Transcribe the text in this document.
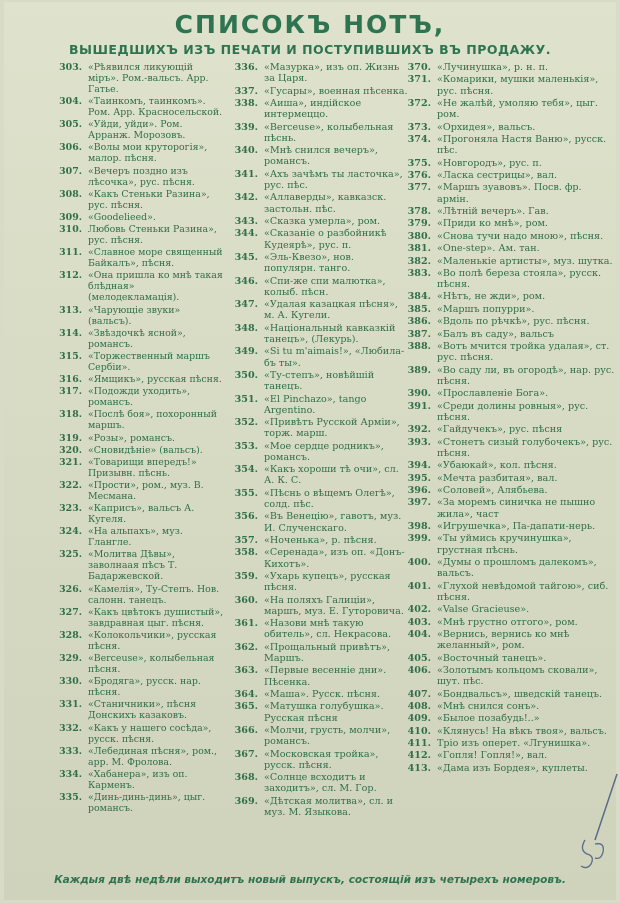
СПИСОКЪ НОТЪ,
ВЫШЕДШИХЪ ИЗЪ ПЕЧАТИ И ПОСТУПИВШИХЪ ВЪ ПРОДАЖУ.
303. «Рѣявился ликующій міръ». Ром.-вальсъ. Арр. Гатье.
304. «Таинкомъ, таинкомъ». Ром. Арр. Красносельской.
305. «Уйди, уйди». Ром. Арранж. Морозовъ.
306. «Волы мои круторогія», малор. пѣсня.
307. «Вечеръ поздно изъ лѣсочка», рус. пѣсня.
308. «Какъ Стеньки Разина», рус. пѣсня.
309. «Goodelieed».
310. Любовь Стеньки Разина», рус. пѣсня.
311. «Славное море священный Байкалъ», пѣсня.
312. «Она пришла ко мнѣ такая блѣдная» (мелодекламація).
313. «Чарующіе звуки» (вальсъ).
314. «Звѣздочкѣ ясной», романсъ.
315. «Торжественный маршъ Сербіи».
316. «Ямщикъ», русская пѣсня.
317. «Подожди уходить», романсъ.
318. «Послѣ боя», похоронный маршъ.
319. «Розы», романсъ.
320. «Сновидѣніе» (вальсъ).
321. «Товарищи впередъ!» Призывн. пѣснь.
322. «Прости», ром., муз. В. Месмана.
323. «Каприсъ», вальсъ А. Кугеля.
324. «На альпахъ», муз. Глангле.
325. «Молитва Дѣвы», заволнаая пѣсъ Т. Бадаржевской.
326. «Камелія», Ту-Степъ. Нов. салонн. танецъ.
327. «Какъ цвѣтокъ душистый», завдравная цыг. пѣсня.
328. «Колокольчики», русская пѣсня.
329. «Berceuse», колыбельная пѣсня.
330. «Бродяга», русск. нар. пѣсня.
331. «Станичники», пѣсня Донскихъ казаковъ.
332. «Какъ у нашего сосѣда», русск. пѣсня.
333. «Лебединая пѣсня», ром., арр. М. Фролова.
334. «Хабанера», изъ оп. Карменъ.
335. «Динь-динь-динь», цыг. романсъ.
336. «Мазурка», изъ оп. Жизнь за Царя.
337. «Гусары», военная пѣсенка.
338. «Аиша», индійское интермеццо.
339. «Berceuse», колыбельная пѣснь.
340. «Мнѣ снился вечеръ», романсъ.
341. «Ахъ зачѣмъ ты ласточка», рус. пѣс.
342. «Аллаверды», кавказск. застольн. пѣс.
343. «Сказка умерла», ром.
344. «Сказаніе о разбойникѣ Кудеярѣ», рус. п.
345. «Эль-Квезо», нов. популярн. танго.
346. «Спи-же спи малютка», колыб. пѣсн.
347. «Удалая казацкая пѣсня», м. А. Кугели.
348. «Національный кавказкій танецъ», (Лекурь).
349. «Si tu m'aimais!», «Любила-бъ ты».
350. «Ту-степъ», новѣйшій танецъ.
351. «El Pinchazo», tango Argentino.
352. «Привѣтъ Русской Арміи», торж. марш.
353. «Мое сердце родникъ», романсъ.
354. «Какъ хороши тѣ очи», сл. А. К. С.
355. «Пѣснь о вѣщемъ Олегѣ», солд. пѣс.
356. «Въ Венецію», гавотъ, муз. И. Слученскаго.
357. «Ноченька», р. пѣсня.
358. «Серенада», изъ оп. «Донъ-Кихотъ».
359. «Ухарь купецъ», русская пѣсня.
360. «На поляхъ Галиціи», маршъ, муз. Е. Гуторовича.
361. «Назови мнѣ такую обитель», сл. Некрасова.
362. «Прощальный привѣтъ», Маршъ.
363. «Первые весенніе дни». Пѣсенка.
364. «Маша». Русск. пѣсня.
365. «Матушка голубушка». Русская пѣсня
366. «Молчи, грусть, молчи», романсъ.
367. «Московская тройка», русск. пѣсня.
368. «Солнце всходитъ и заходитъ», сл. М. Гор.
369. «Дѣтская молитва», сл. и муз. М. Языкова.
370. «Лучинушка», р. н. п.
371. «Комарики, мушки маленькія», рус. пѣсня.
372. «Не жалѣй, умоляю тебя», цыг. ром.
373. «Орхидея», вальсъ.
374. «Прогоняла Настя Ваню», русск. пѣс.
375. «Новгородъ», рус. п.
376. «Ласка сестрицы», вал.
377. «Маршъ зуавовъ». Посв. фр. армін.
378. «Лѣтній вечеръ». Гав.
379. «Приди ко мнѣ», ром.
380. «Снова тучи надо мною», пѣсня.
381. «One-step». Ам. тан.
382. «Маленькіе артисты», муз. шутка.
383. «Во полѣ береза стояла», русск. пѣсня.
384. «Нѣтъ, не жди», ром.
385. «Маршъ попурри».
386. «Вдоль по рѣчкѣ», рус. пѣсня.
387. «Балъ въ саду», вальсъ
388. «Вотъ мчится тройка удалая», ст. рус. пѣсня.
389. «Во саду ли, въ огородѣ», нар. рус. пѣсня.
390. «Прославленіе Бога».
391. «Среди долины ровныя», рус. пѣсня.
392. «Гайдучекъ», рус. пѣсня
393. «Стонетъ сизый голубочекъ», рус. пѣсня.
394. «Убаюкай», кол. пѣсня.
395. «Мечта разбитая», вал.
396. «Соловей», Алябьева.
397. «За моремъ синичка не пышно жила», част
398. «Игрушечка», Па-дапати-нерь.
399. «Ты уймись кручинушка», грустная пѣснь.
400. «Думы о прошломъ далекомъ», вальсъ.
401. «Глухой невѣдомой тайгою», сиб. пѣсня.
402. «Valse Gracieuse».
403. «Мнѣ грустно отгого», ром.
404. «Вернись, вернись ко мнѣ желанный», ром.
405. «Восточный танецъ».
406. «Золотымъ кольцомъ сковали», шут. пѣс.
407. «Бондвальсъ», шведскій танецъ.
408. «Мнѣ снился сонъ».
409. «Былое позабудь!..»
410. «Клянусь! На вѣкъ твоя», вальсъ.
411. Тріо изъ оперет. «Лгунишка».
412. «Гопля! Гопля!», вал.
413. «Дама изъ Бордея», куплеты.
Каждыя двѣ недѣли выходитъ новый выпускъ, состоящій изъ четырехъ номеровъ.
